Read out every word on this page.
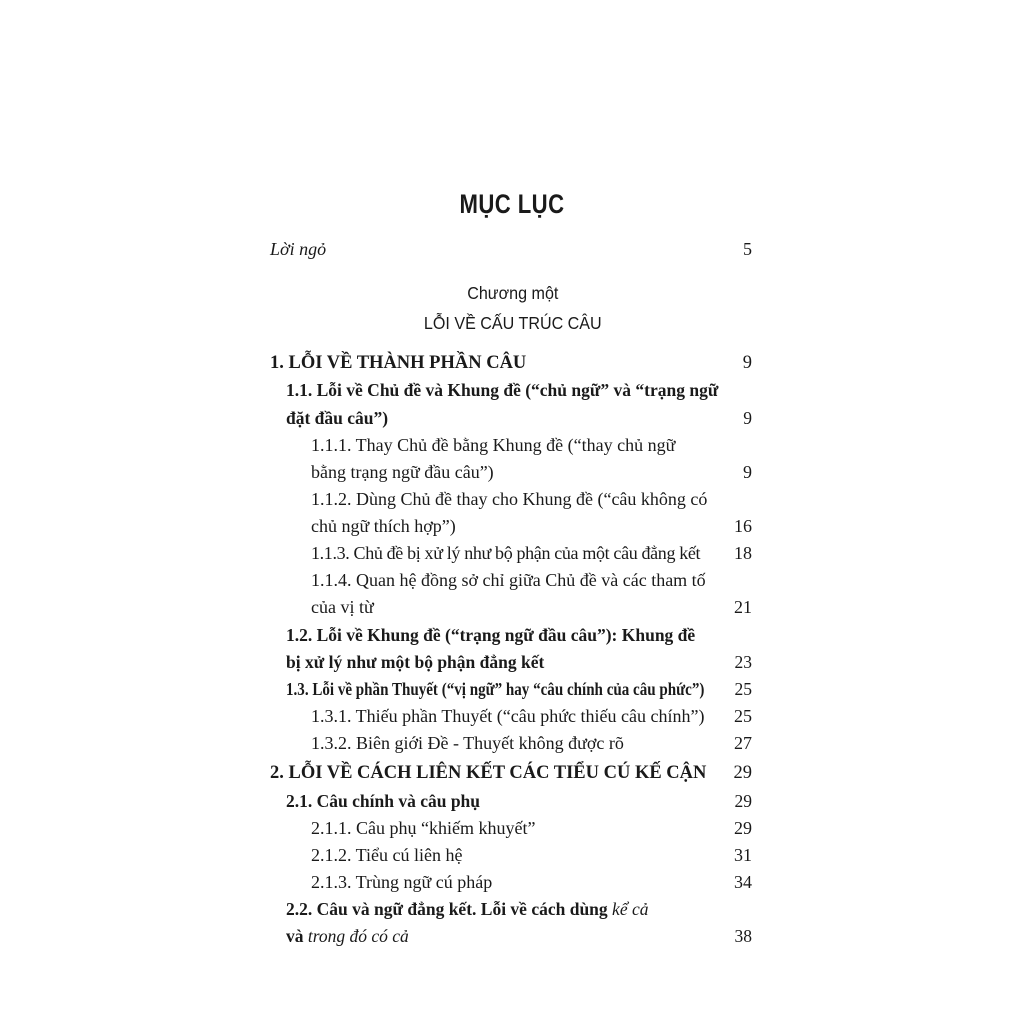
MỤC LỤC
Lời ngỏ	5
Chương một
LỖI VỀ CẤU TRÚC CÂU
1. LỖI VỀ THÀNH PHẦN CÂU	9
1.1. Lỗi về Chủ đề và Khung đề (“chủ ngữ” và “trạng ngữ
đặt đầu câu”)	9
1.1.1. Thay Chủ đề bằng Khung đề (“thay chủ ngữ
bằng trạng ngữ đầu câu”)	9
1.1.2. Dùng Chủ đề thay cho Khung đề (“câu không có
chủ ngữ thích hợp”)	16
1.1.3. Chủ đề bị xử lý như bộ phận của một câu đẳng kết 18
1.1.4. Quan hệ đồng sở chỉ giữa Chủ đề và các tham tố
của vị từ	21
1.2. Lỗi về Khung đề (“trạng ngữ đầu câu”): Khung đề
bị xử lý như một bộ phận đẳng kết	23
1.3. Lỗi về phần Thuyết (“vị ngữ” hay “câu chính của câu phức”) 25
1.3.1. Thiếu phần Thuyết (“câu phức thiếu câu chính”) 25
1.3.2. Biên giới Đề - Thuyết không được rõ	27
2. LỖI VỀ CÁCH LIÊN KẾT CÁC TIỂU CÚ KẾ CẬN 29
2.1. Câu chính và câu phụ	29
2.1.1. Câu phụ “khiếm khuyết”	29
2.1.2. Tiểu cú liên hệ	31
2.1.3. Trùng ngữ cú pháp	34
2.2. Câu và ngữ đẳng kết. Lỗi về cách dùng kể cả
và trong đó có cả	38
